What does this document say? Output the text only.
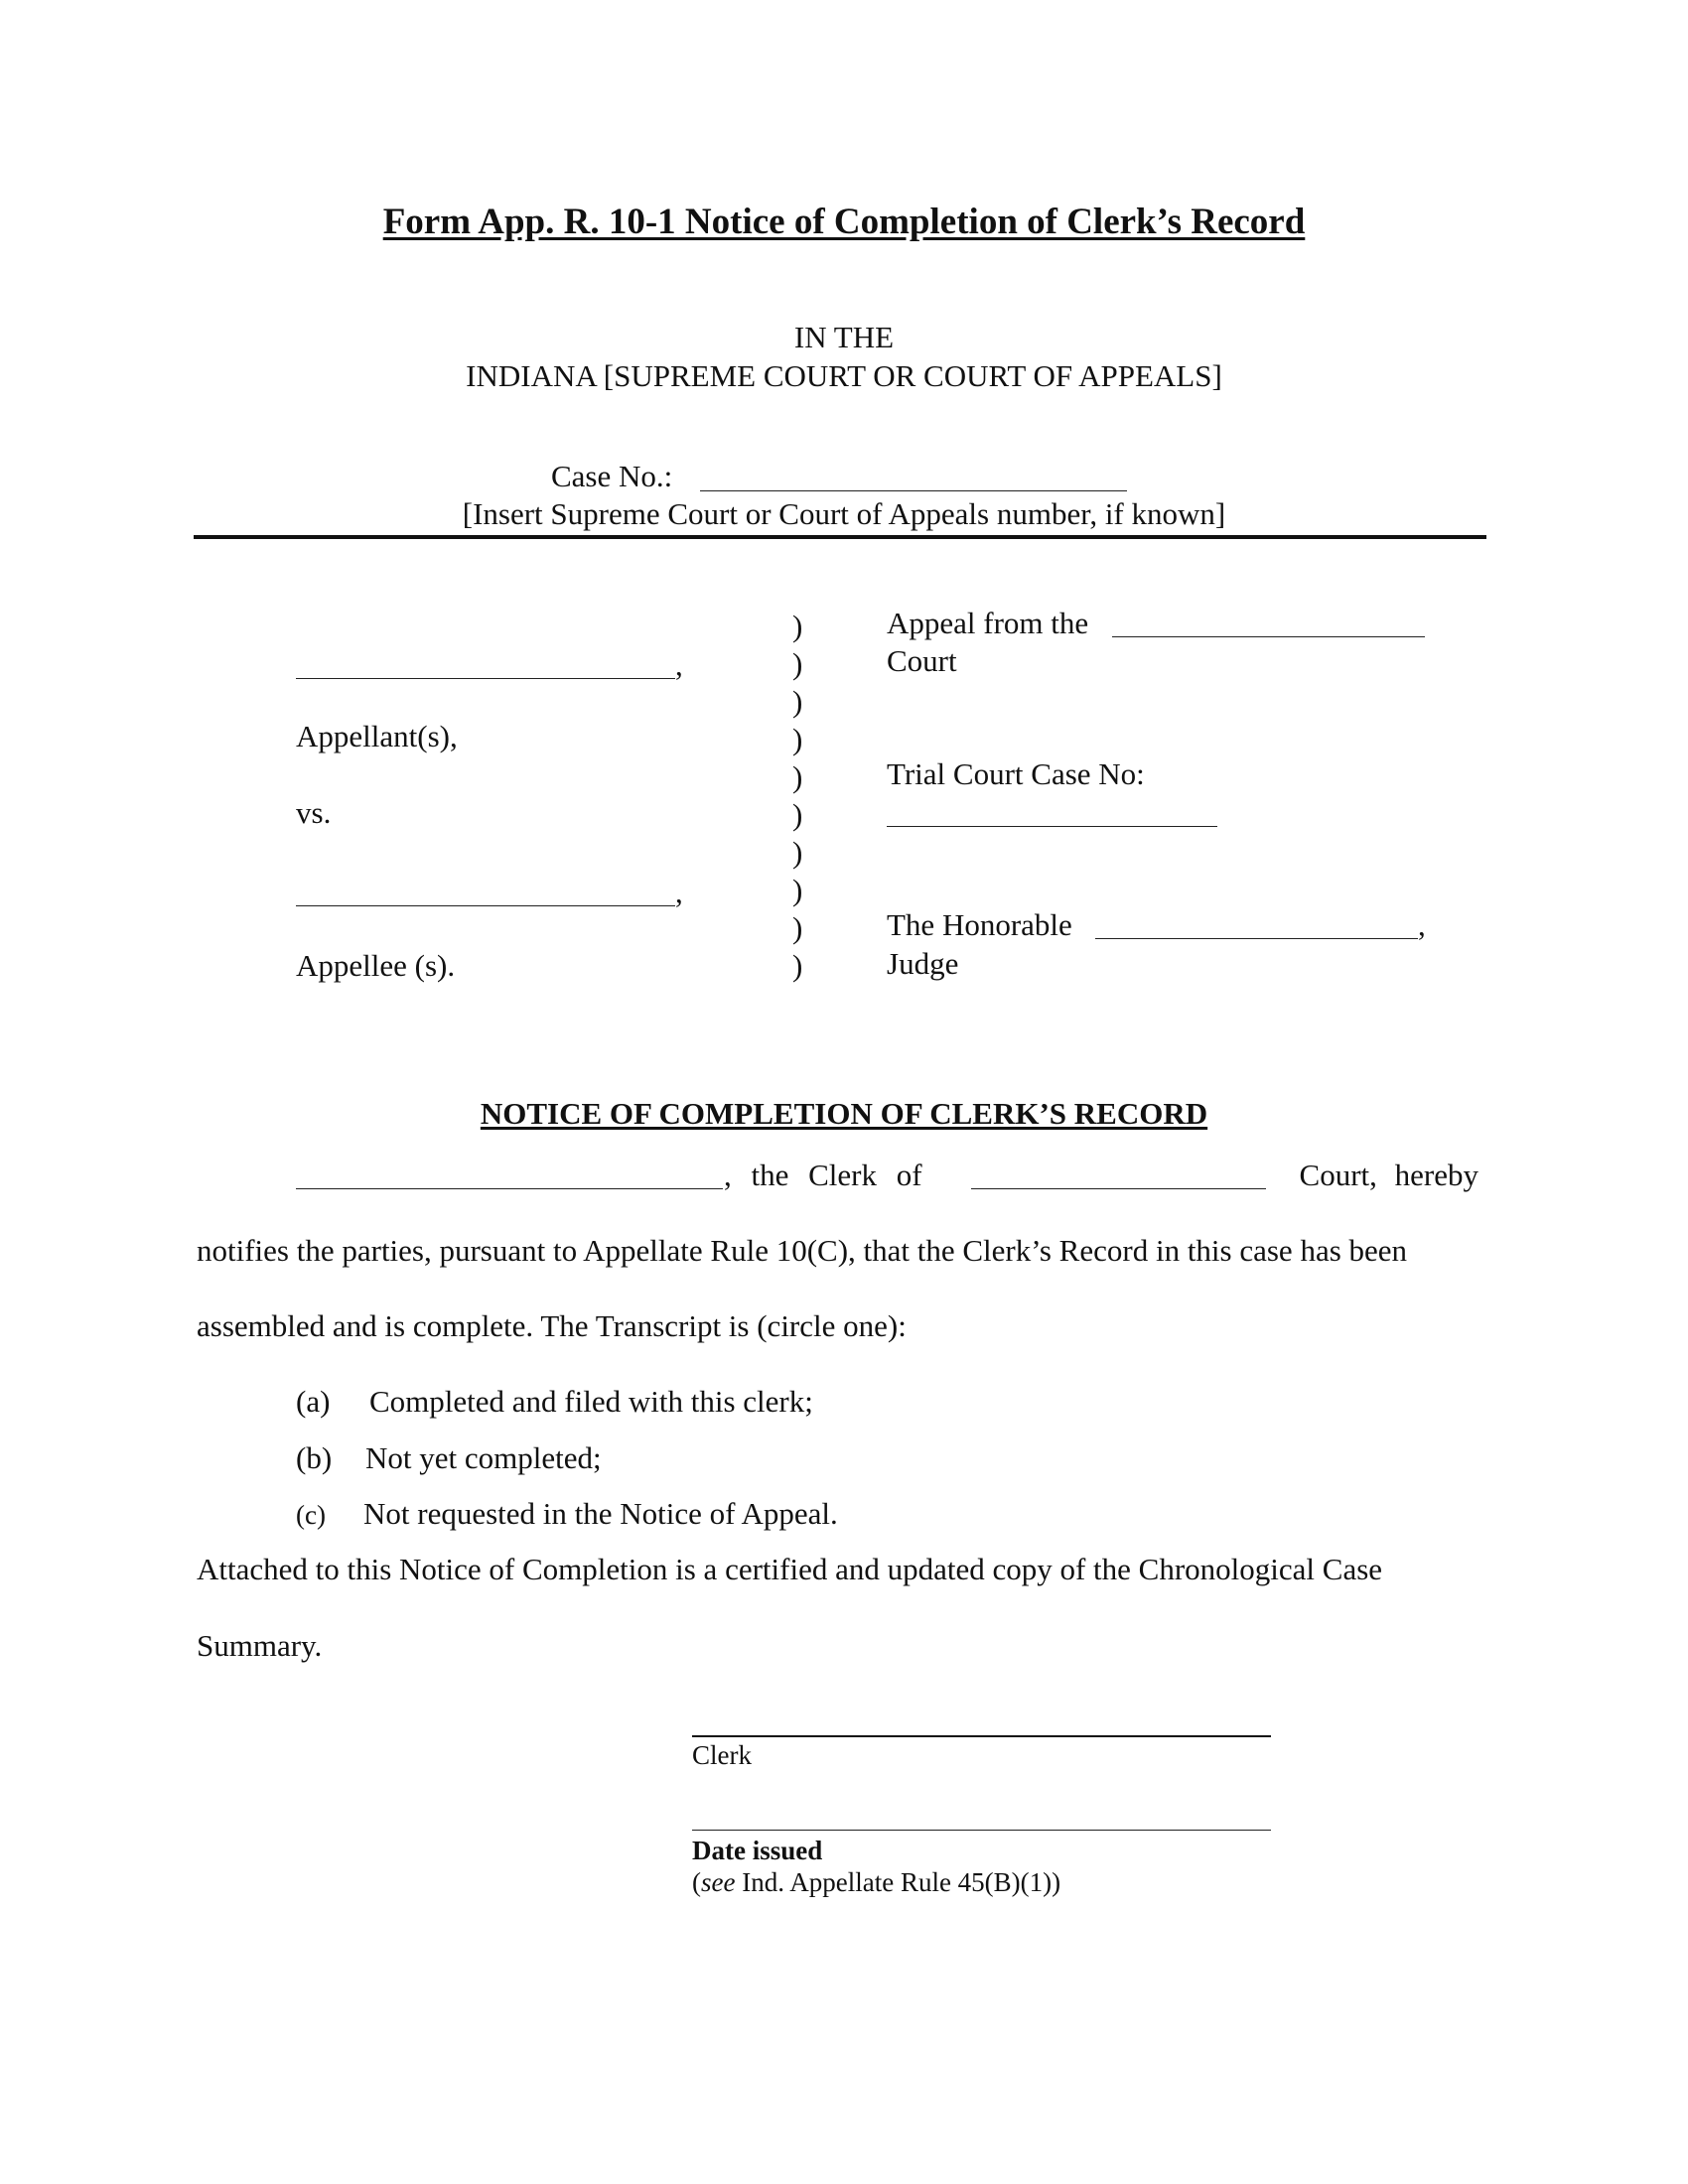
Form App. R. 10-1 Notice of Completion of Clerk’s Record
IN THE
INDIANA [SUPREME COURT OR COURT OF APPEALS]
Case No.:
[Insert Supreme Court or Court of Appeals number, if known]
,
Appellant(s),
vs.
,
Appellee (s).
)
)
)
)
)
)
)
)
)
)
Appeal from the
Court
Trial Court Case No:
The Honorable	,
Judge
NOTICE OF COMPLETION OF CLERK’S RECORD
, the Clerk of	Court, hereby
notifies the parties, pursuant to Appellate Rule 10(C), that the Clerk’s Record in this case has been
assembled and is complete. The Transcript is (circle one):
(a) Completed and filed with this clerk;
(b) Not yet completed;
(c) Not requested in the Notice of Appeal.
Attached to this Notice of Completion is a certified and updated copy of the Chronological Case
Summary.
Clerk
Date issued
(see Ind. Appellate Rule 45(B)(1))
